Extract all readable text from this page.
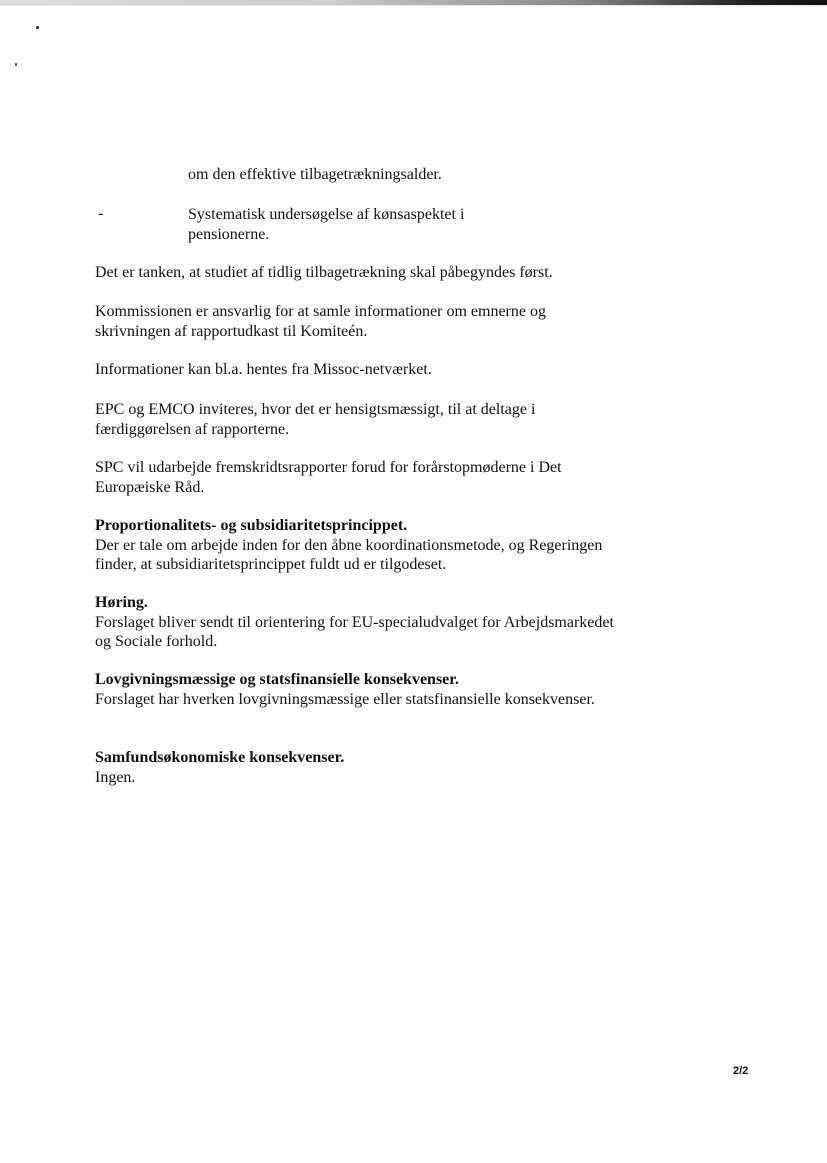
om den effektive tilbagetrækningsalder.
-	Systematisk undersøgelse af kønsaspektet i pensionerne.

Det er tanken, at studiet af tidlig tilbagetrækning skal påbegyndes først.

Kommissionen er ansvarlig for at samle informationer om emnerne og skrivningen af rapportudkast til Komiteén.

Informationer kan bl.a. hentes fra Missoc-netværket.

EPC og EMCO inviteres, hvor det er hensigtsmæssigt, til at deltage i færdiggørelsen af rapporterne.

SPC vil udarbejde fremskridtsrapporter forud for forårstopmøderne i Det Europæiske Råd.

Proportionalitets- og subsidiaritetsprincippet.
Der er tale om arbejde inden for den åbne koordinationsmetode, og Regeringen finder, at subsidiaritetsprincippet fuldt ud er tilgodeset.
Høring.
Forslaget bliver sendt til orientering for EU-specialudvalget for Arbejdsmarkedet og Sociale forhold.
Lovgivningsmæssige og statsfinansielle konsekvenser.
Forslaget har hverken lovgivningsmæssige eller statsfinansielle konsekvenser.
Samfundsøkonomiske konsekvenser.
Ingen.
2/2
